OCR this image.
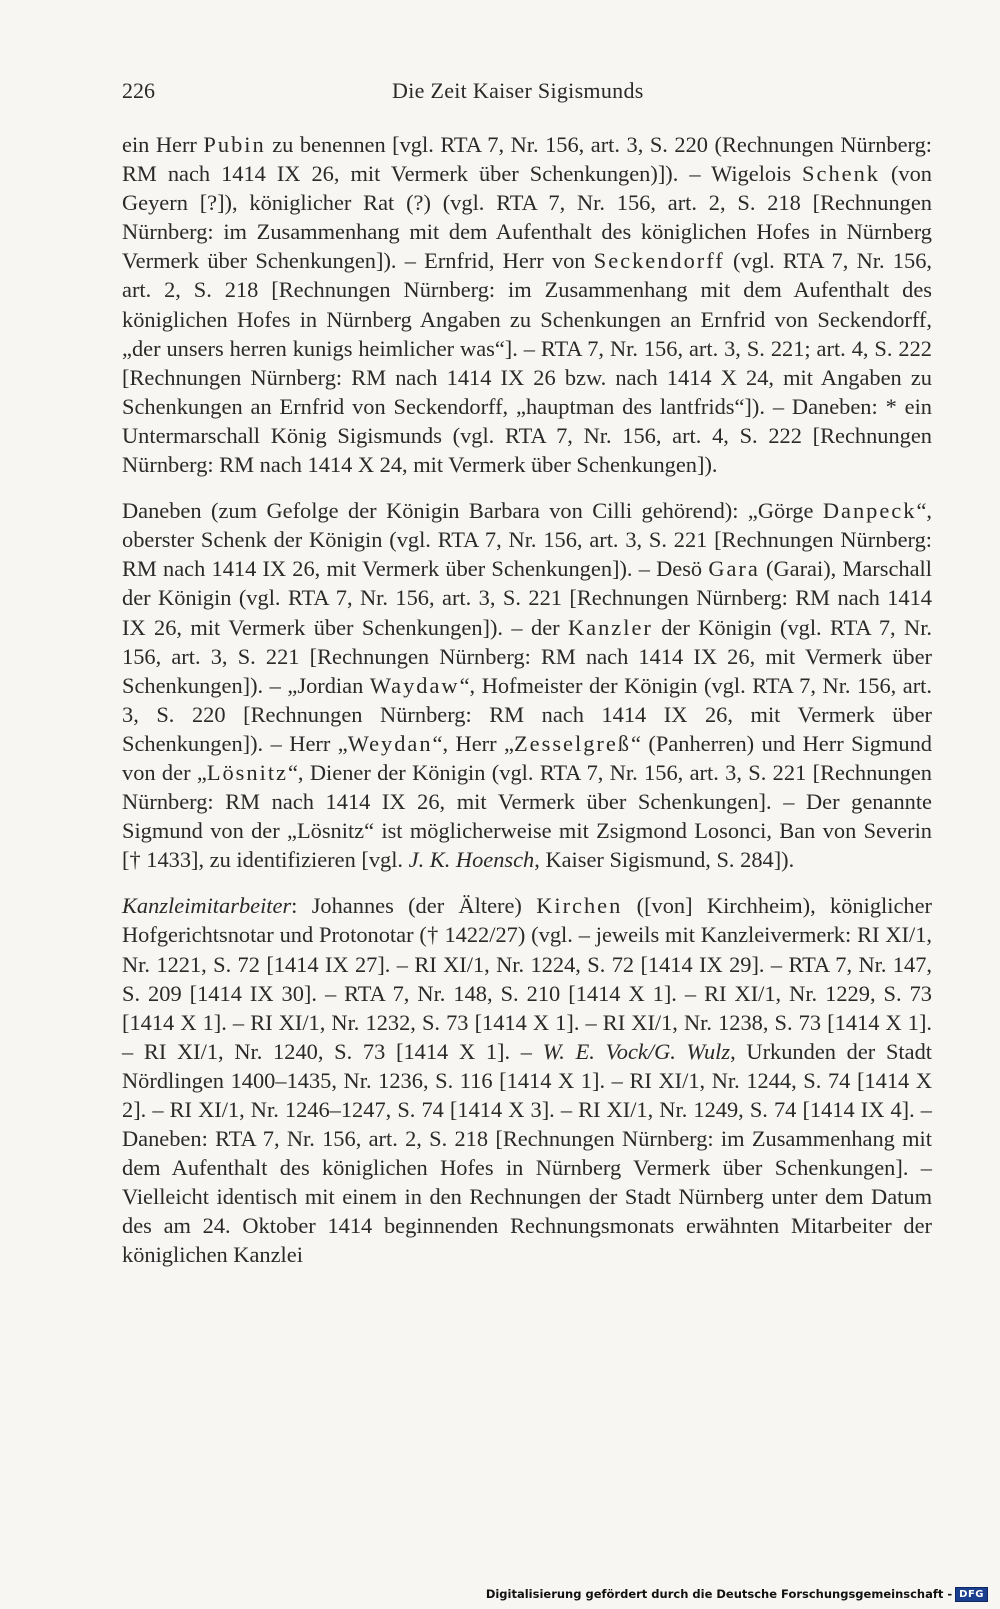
226	Die Zeit Kaiser Sigismunds

ein Herr Pubin zu benennen [vgl. RTA 7, Nr. 156, art. 3, S. 220 (Rechnungen Nürnberg: RM nach 1414 IX 26, mit Vermerk über Schenkungen)]). – Wigelois Schenk (von Geyern [?]), königlicher Rat (?) (vgl. RTA 7, Nr. 156, art. 2, S. 218 [Rechnungen Nürnberg: im Zusammenhang mit dem Aufenthalt des königlichen Hofes in Nürnberg Vermerk über Schenkungen]). – Ernfrid, Herr von Seckendorff (vgl. RTA 7, Nr. 156, art. 2, S. 218 [Rechnungen Nürnberg: im Zusammenhang mit dem Aufenthalt des königlichen Hofes in Nürnberg Angaben zu Schenkungen an Ernfrid von Seckendorff, „der unsers herren kunigs heimlicher was“]. – RTA 7, Nr. 156, art. 3, S. 221; art. 4, S. 222 [Rechnungen Nürnberg: RM nach 1414 IX 26 bzw. nach 1414 X 24, mit Angaben zu Schenkungen an Ernfrid von Seckendorff, „hauptman des lantfrids“]). – Daneben: * ein Untermarschall König Sigismunds (vgl. RTA 7, Nr. 156, art. 4, S. 222 [Rechnungen Nürnberg: RM nach 1414 X 24, mit Vermerk über Schenkungen]).

Daneben (zum Gefolge der Königin Barbara von Cilli gehörend): „Görge Danpeck“, oberster Schenk der Königin (vgl. RTA 7, Nr. 156, art. 3, S. 221 [Rechnungen Nürnberg: RM nach 1414 IX 26, mit Vermerk über Schenkungen]). – Desö Gara (Garai), Marschall der Königin (vgl. RTA 7, Nr. 156, art. 3, S. 221 [Rechnungen Nürnberg: RM nach 1414 IX 26, mit Vermerk über Schenkungen]). – der Kanzler der Königin (vgl. RTA 7, Nr. 156, art. 3, S. 221 [Rechnungen Nürnberg: RM nach 1414 IX 26, mit Vermerk über Schenkungen]). – „Jordian Waydaw“, Hofmeister der Königin (vgl. RTA 7, Nr. 156, art. 3, S. 220 [Rechnungen Nürnberg: RM nach 1414 IX 26, mit Vermerk über Schenkungen]). – Herr „Weydan“, Herr „Zesselgreß“ (Panherren) und Herr Sigmund von der „Lösnitz“, Diener der Königin (vgl. RTA 7, Nr. 156, art. 3, S. 221 [Rechnungen Nürnberg: RM nach 1414 IX 26, mit Vermerk über Schenkungen]. – Der genannte Sigmund von der „Lösnitz“ ist möglicherweise mit Zsigmond Losonci, Ban von Severin [† 1433], zu identifizieren [vgl. J. K. Hoensch, Kaiser Sigismund, S. 284]).

Kanzleimitarbeiter: Johannes (der Ältere) Kirchen ([von] Kirchheim), königlicher Hofgerichtsnotar und Protonotar († 1422/27) (vgl. – jeweils mit Kanzleivermerk: RI XI/1, Nr. 1221, S. 72 [1414 IX 27]. – RI XI/1, Nr. 1224, S. 72 [1414 IX 29]. – RTA 7, Nr. 147, S. 209 [1414 IX 30]. – RTA 7, Nr. 148, S. 210 [1414 X 1]. – RI XI/1, Nr. 1229, S. 73 [1414 X 1]. – RI XI/1, Nr. 1232, S. 73 [1414 X 1]. – RI XI/1, Nr. 1238, S. 73 [1414 X 1]. – RI XI/1, Nr. 1240, S. 73 [1414 X 1]. – W. E. Vock/G. Wulz, Urkunden der Stadt Nördlingen 1400–1435, Nr. 1236, S. 116 [1414 X 1]. – RI XI/1, Nr. 1244, S. 74 [1414 X 2]. – RI XI/1, Nr. 1246–1247, S. 74 [1414 X 3]. – RI XI/1, Nr. 1249, S. 74 [1414 IX 4]. – Daneben: RTA 7, Nr. 156, art. 2, S. 218 [Rechnungen Nürnberg: im Zusammenhang mit dem Aufenthalt des königlichen Hofes in Nürnberg Vermerk über Schenkungen]. – Vielleicht identisch mit einem in den Rechnungen der Stadt Nürnberg unter dem Datum des am 24. Oktober 1414 beginnenden Rechnungsmonats erwähnten Mitarbeiter der königlichen Kanzlei

Digitalisierung gefördert durch die Deutsche Forschungsgemeinschaft - DFG
